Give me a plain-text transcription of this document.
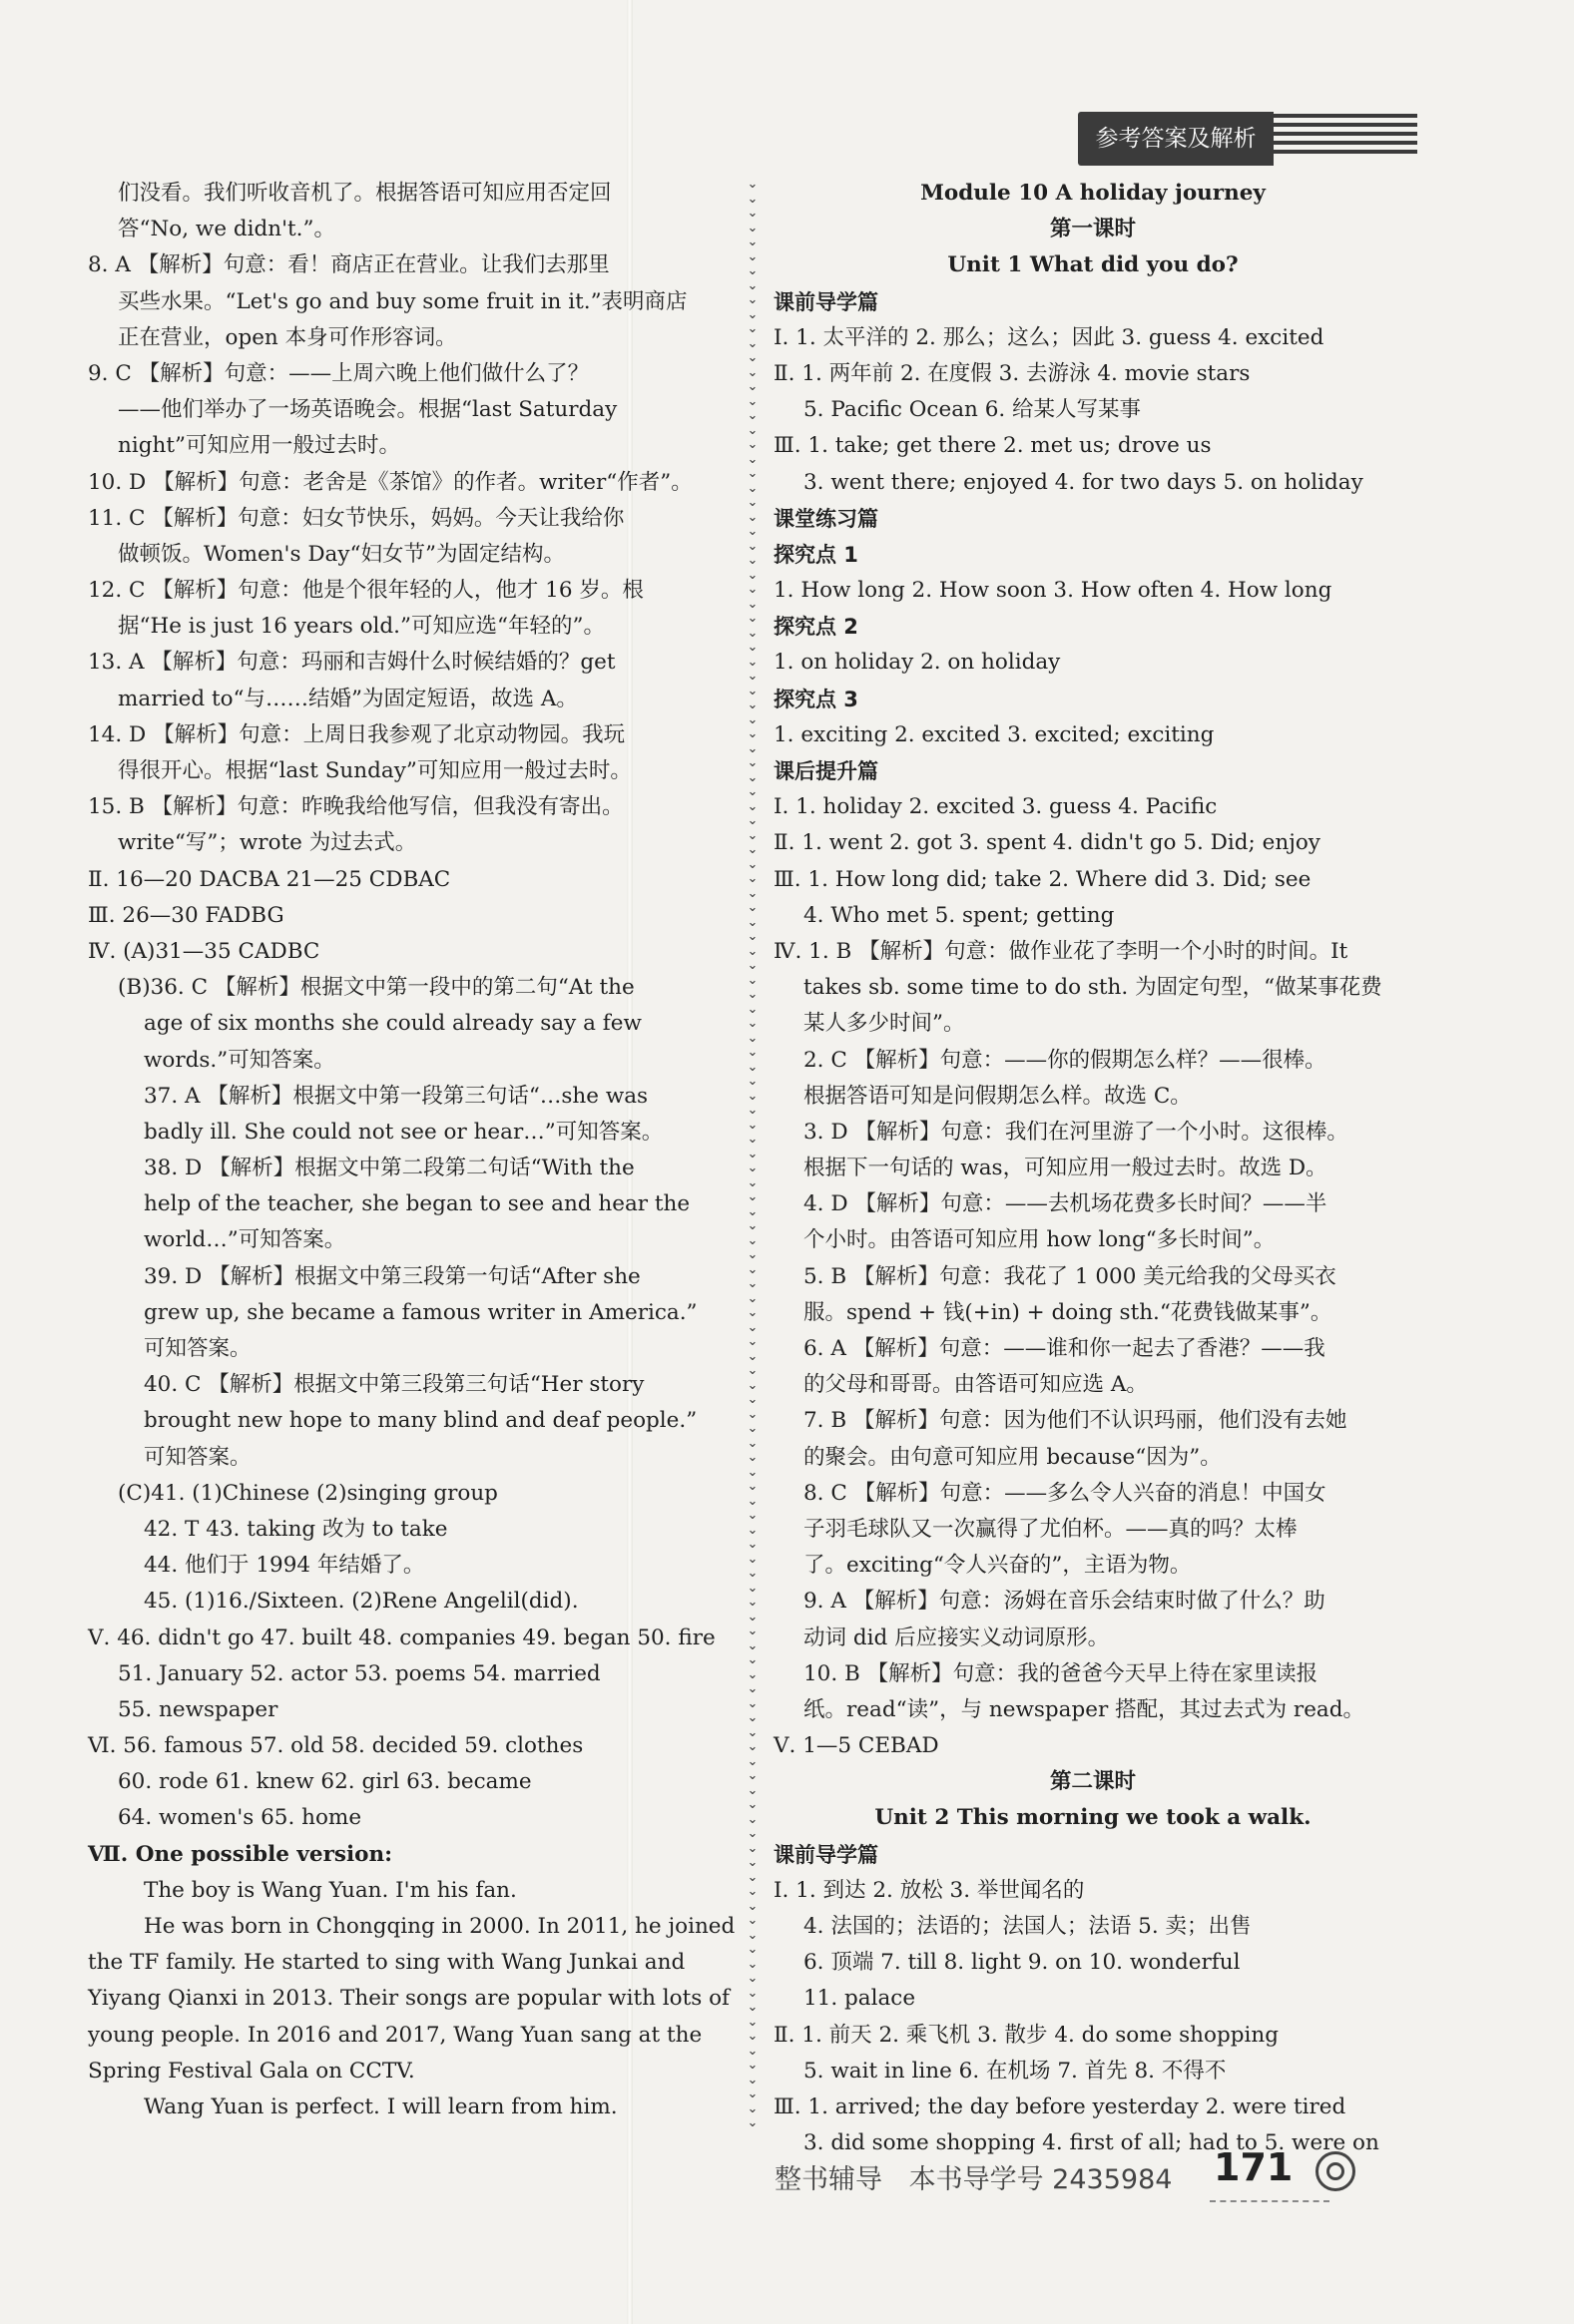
参考答案及解析
们没看。我们听收音机了。根据答语可知应用否定回
答“No, we didn't.”。
8. A 【解析】句意：看！商店正在营业。让我们去那里
买些水果。“Let's go and buy some fruit in it.”表明商店
正在营业，open 本身可作形容词。
9. C 【解析】句意：——上周六晚上他们做什么了？
——他们举办了一场英语晚会。根据“last Saturday
night”可知应用一般过去时。
10. D 【解析】句意：老舍是《茶馆》的作者。writer“作者”。
11. C 【解析】句意：妇女节快乐，妈妈。今天让我给你
做顿饭。Women's Day“妇女节”为固定结构。
12. C 【解析】句意：他是个很年轻的人，他才 16 岁。根
据“He is just 16 years old.”可知应选“年轻的”。
13. A 【解析】句意：玛丽和吉姆什么时候结婚的？get
married to“与……结婚”为固定短语，故选 A。
14. D 【解析】句意：上周日我参观了北京动物园。我玩
得很开心。根据“last Sunday”可知应用一般过去时。
15. B 【解析】句意：昨晚我给他写信，但我没有寄出。
write“写”；wrote 为过去式。
Ⅱ. 16—20 DACBA 21—25 CDBAC
Ⅲ. 26—30 FADBG
Ⅳ. (A)31—35 CADBC
(B)36. C 【解析】根据文中第一段中的第二句“At the
age of six months she could already say a few
words.”可知答案。
37. A 【解析】根据文中第一段第三句话“…she was
badly ill. She could not see or hear…”可知答案。
38. D 【解析】根据文中第二段第二句话“With the
help of the teacher, she began to see and hear the
world…”可知答案。
39. D 【解析】根据文中第三段第一句话“After she
grew up, she became a famous writer in America.”
可知答案。
40. C 【解析】根据文中第三段第三句话“Her story
brought new hope to many blind and deaf people.”
可知答案。
(C)41. (1)Chinese (2)singing group
42. T 43. taking 改为 to take
44. 他们于 1994 年结婚了。
45. (1)16./Sixteen. (2)Rene Angelil(did).
Ⅴ. 46. didn't go 47. built 48. companies 49. began 50. fire
51. January 52. actor 53. poems 54. married
55. newspaper
Ⅵ. 56. famous 57. old 58. decided 59. clothes
60. rode 61. knew 62. girl 63. became
64. women's 65. home
Ⅶ. One possible version:
The boy is Wang Yuan. I'm his fan.
He was born in Chongqing in 2000. In 2011, he joined
the TF family. He started to sing with Wang Junkai and
Yiyang Qianxi in 2013. Their songs are popular with lots of
young people. In 2016 and 2017, Wang Yuan sang at the
Spring Festival Gala on CCTV.
Wang Yuan is perfect. I will learn from him.
⌄
⌄
⌄
⌄
⌄
⌄
⌄
⌄
⌄
⌄
⌄
⌄
⌄
⌄
⌄
⌄
⌄
⌄
⌄
⌄
⌄
⌄
⌄
⌄
⌄
⌄
⌄
⌄
⌄
⌄
⌄
⌄
⌄
⌄
⌄
⌄
⌄
⌄
⌄
⌄
⌄
⌄
⌄
⌄
⌄
⌄
⌄
⌄
⌄
⌄
⌄
⌄
⌄
⌄
⌄
⌄
⌄
⌄
⌄
⌄
⌄
⌄
⌄
⌄
⌄
⌄
⌄
⌄
⌄
⌄
⌄
⌄
⌄
⌄
⌄
⌄
⌄
⌄
⌄
⌄
⌄
⌄
⌄
⌄
⌄
⌄
⌄
⌄
⌄
⌄
⌄
⌄
⌄
⌄
⌄
⌄
⌄
⌄
⌄
⌄
⌄
⌄
⌄
⌄
⌄
⌄
⌄
⌄
⌄
⌄
⌄
⌄
⌄
⌄
⌄
⌄
⌄
⌄
⌄
⌄
⌄
⌄
⌄
⌄
⌄
⌄
⌄
⌄
⌄
⌄
⌄
⌄
⌄
⌄
⌄

Module 10 A holiday journey
第一课时
Unit 1 What did you do?
课前导学篇
Ⅰ. 1. 太平洋的 2. 那么；这么；因此 3. guess 4. excited
Ⅱ. 1. 两年前 2. 在度假 3. 去游泳 4. movie stars
5. Pacific Ocean 6. 给某人写某事
Ⅲ. 1. take; get there 2. met us; drove us
3. went there; enjoyed 4. for two days 5. on holiday
课堂练习篇
探究点 1
1. How long 2. How soon 3. How often 4. How long
探究点 2
1. on holiday 2. on holiday
探究点 3
1. exciting 2. excited 3. excited; exciting
课后提升篇
Ⅰ. 1. holiday 2. excited 3. guess 4. Pacific
Ⅱ. 1. went 2. got 3. spent 4. didn't go 5. Did; enjoy
Ⅲ. 1. How long did; take 2. Where did 3. Did; see
4. Who met 5. spent; getting
Ⅳ. 1. B 【解析】句意：做作业花了李明一个小时的时间。It
takes sb. some time to do sth. 为固定句型，“做某事花费
某人多少时间”。
2. C 【解析】句意：——你的假期怎么样？——很棒。
根据答语可知是问假期怎么样。故选 C。
3. D 【解析】句意：我们在河里游了一个小时。这很棒。
根据下一句话的 was，可知应用一般过去时。故选 D。
4. D 【解析】句意：——去机场花费多长时间？——半
个小时。由答语可知应用 how long“多长时间”。
5. B 【解析】句意：我花了 1 000 美元给我的父母买衣
服。spend + 钱(+in) + doing sth.“花费钱做某事”。
6. A 【解析】句意：——谁和你一起去了香港？——我
的父母和哥哥。由答语可知应选 A。
7. B 【解析】句意：因为他们不认识玛丽，他们没有去她
的聚会。由句意可知应用 because“因为”。
8. C 【解析】句意：——多么令人兴奋的消息！中国女
子羽毛球队又一次赢得了尤伯杯。——真的吗？太棒
了。exciting“令人兴奋的”，主语为物。
9. A 【解析】句意：汤姆在音乐会结束时做了什么？助
动词 did 后应接实义动词原形。
10. B 【解析】句意：我的爸爸今天早上待在家里读报
纸。read“读”，与 newspaper 搭配，其过去式为 read。
Ⅴ. 1—5 CEBAD
第二课时
Unit 2 This morning we took a walk.
课前导学篇
Ⅰ. 1. 到达 2. 放松 3. 举世闻名的
4. 法国的；法语的；法国人；法语 5. 卖；出售
6. 顶端 7. till 8. light 9. on 10. wonderful
11. palace
Ⅱ. 1. 前天 2. 乘飞机 3. 散步 4. do some shopping
5. wait in line 6. 在机场 7. 首先 8. 不得不
Ⅲ. 1. arrived; the day before yesterday 2. were tired
3. did some shopping 4. first of all; had to 5. were on
整书辅导 本书导学号 2435984	171
